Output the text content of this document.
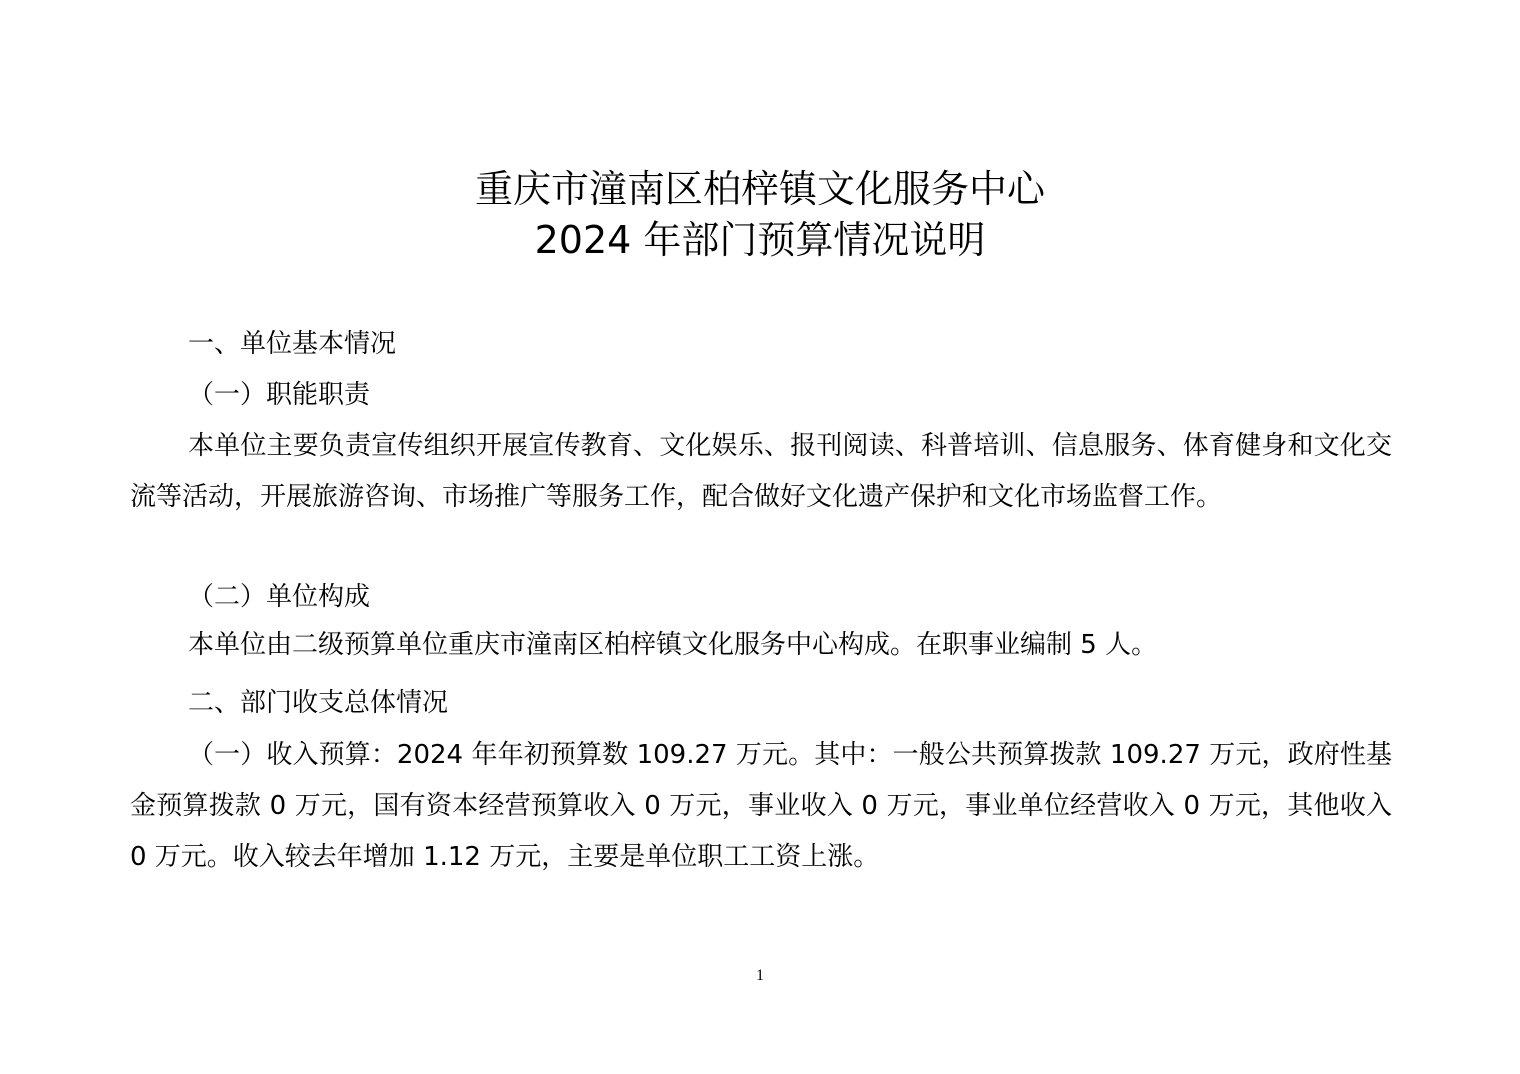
重庆市潼南区柏梓镇文化服务中心
2024 年部门预算情况说明
一、单位基本情况
（一）职能职责

本单位主要负责宣传组织开展宣传教育、文化娱乐、报刊阅读、科普培训、信息服务、体育健身和文化交流等活动，开展旅游咨询、市场推广等服务工作，配合做好文化遗产保护和文化市场监督工作。

（二）单位构成
本单位由二级预算单位重庆市潼南区柏梓镇文化服务中心构成。在职事业编制 5 人。
二、部门收支总体情况

（一）收入预算：2024 年年初预算数 109.27 万元。其中：一般公共预算拨款 109.27 万元，政府性基金预算拨款 0 万元，国有资本经营预算收入 0 万元，事业收入 0 万元，事业单位经营收入 0 万元，其他收入 0 万元。收入较去年增加 1.12 万元，主要是单位职工工资上涨。

1
